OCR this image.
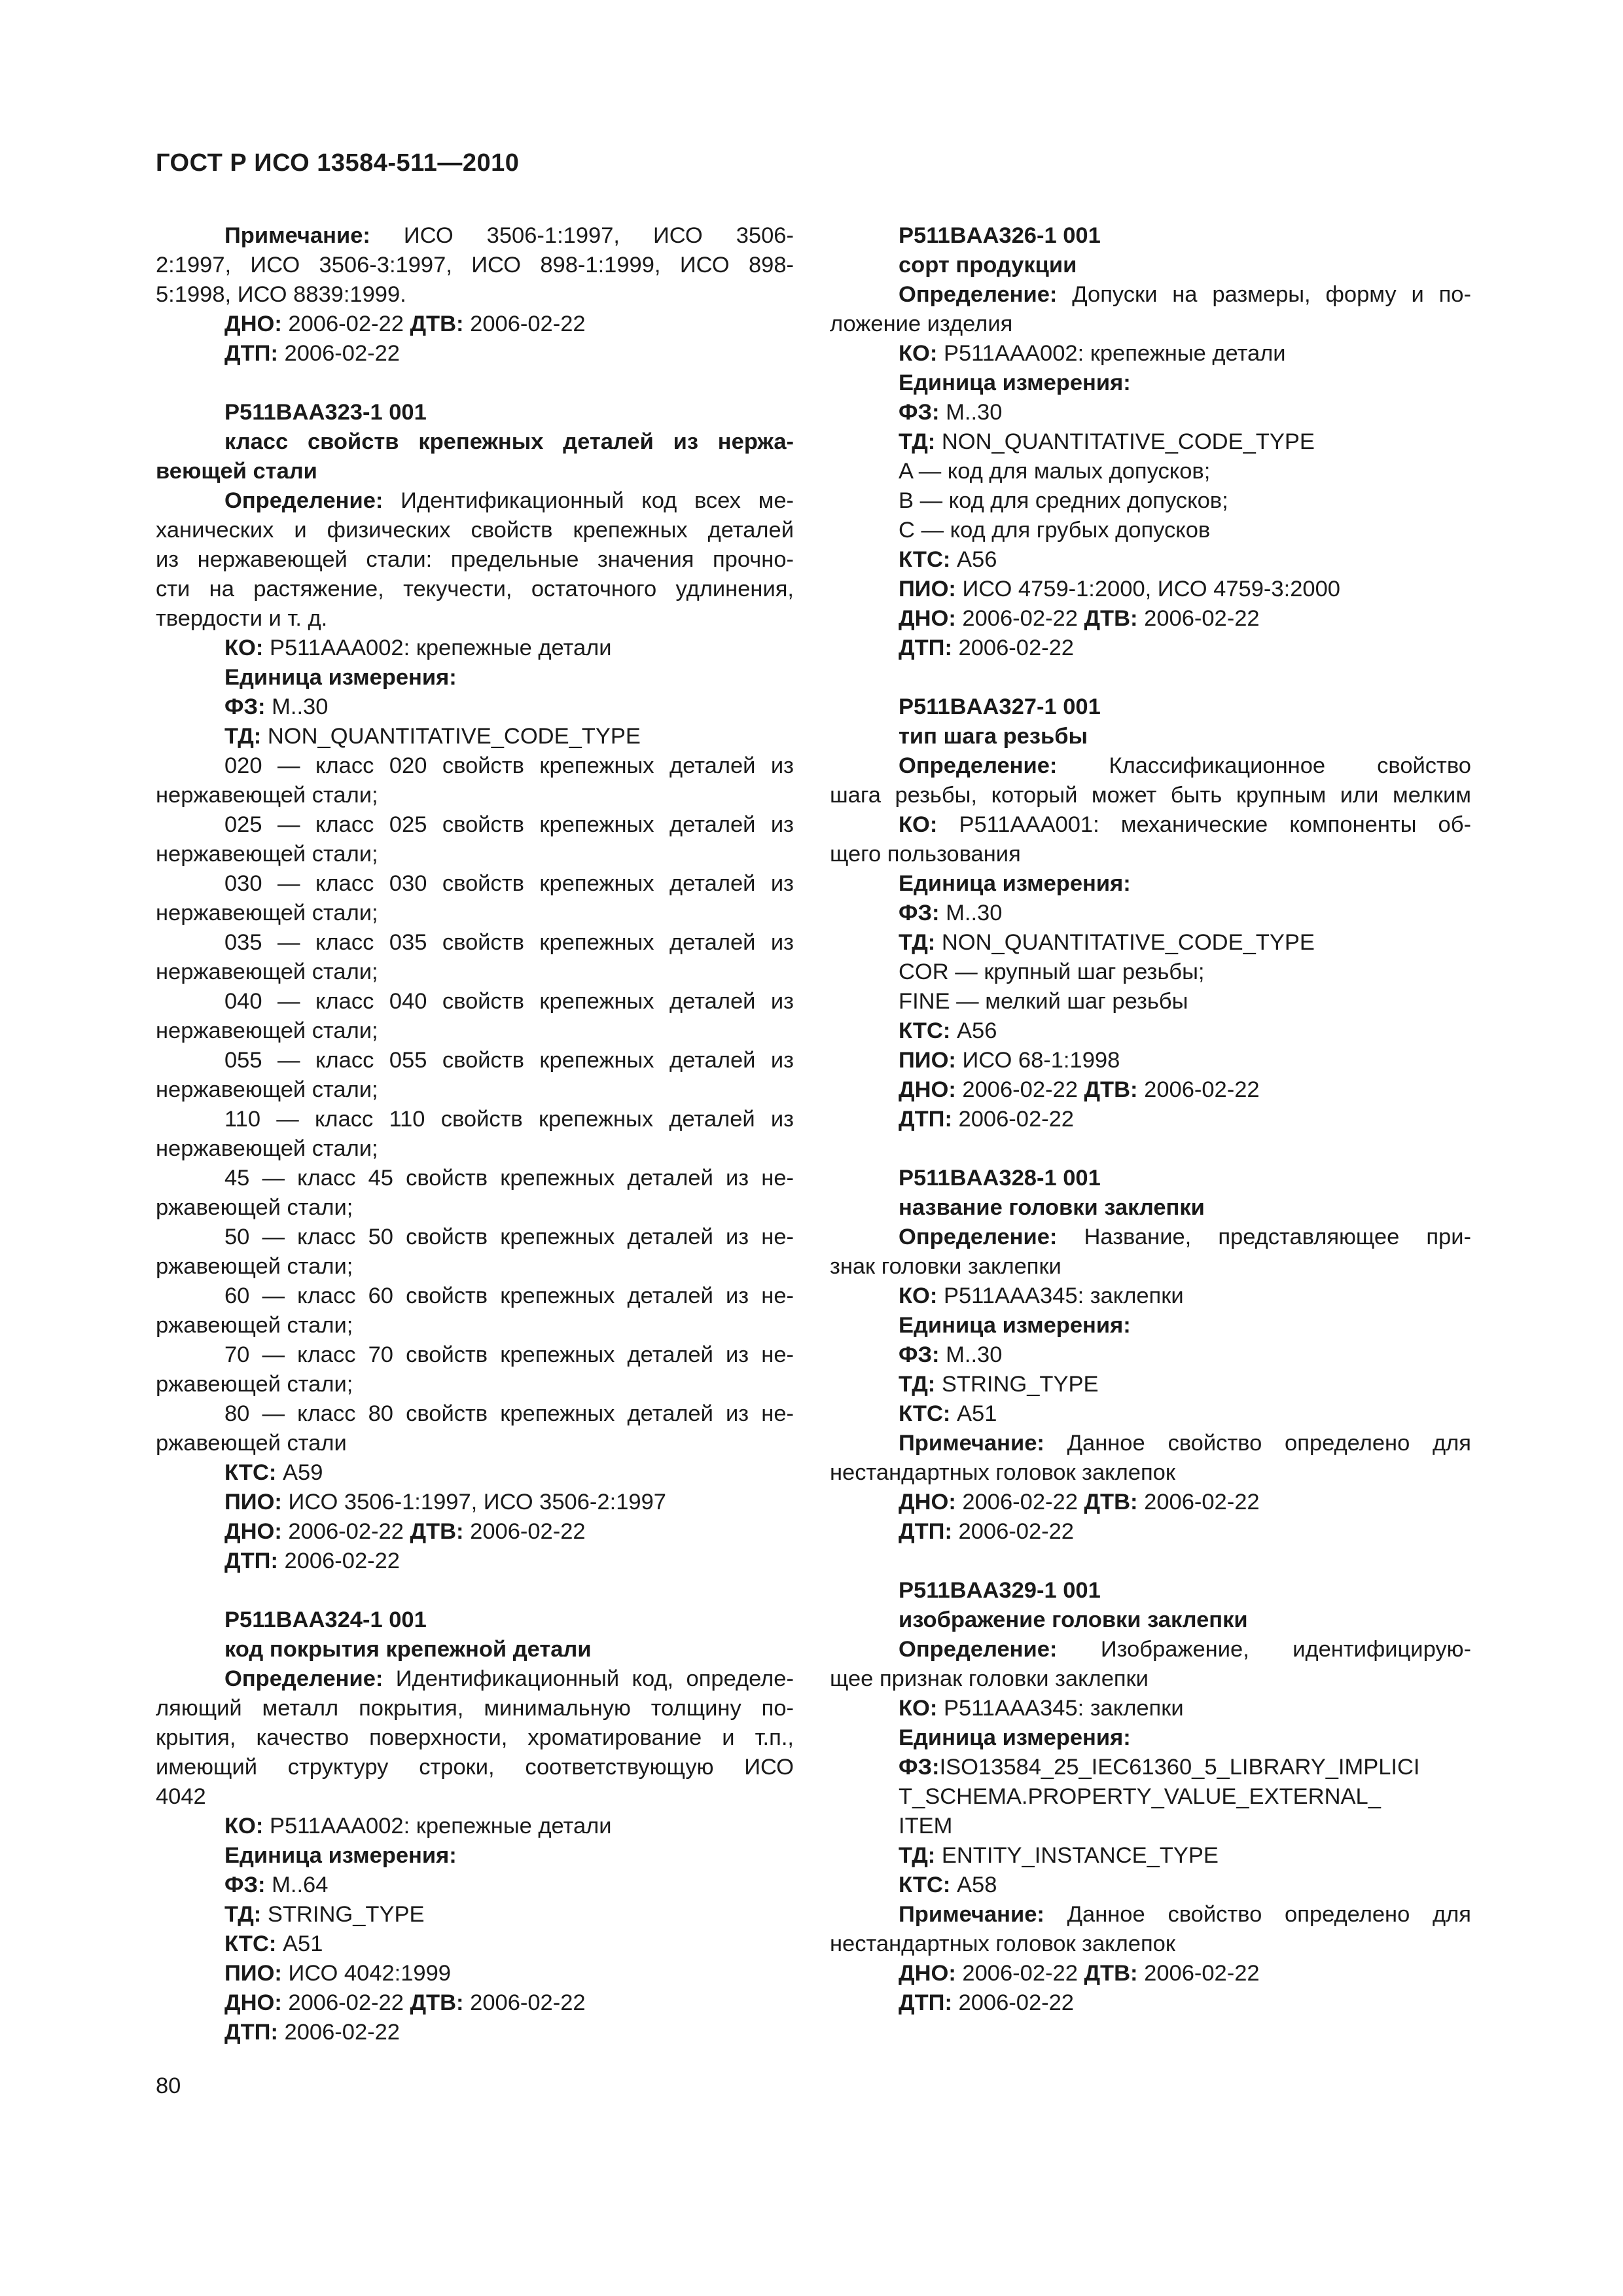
ГОСТ Р ИСО 13584-511—2010
Примечание: ИСО 3506-1:1997, ИСО 3506-
2:1997, ИСО 3506-3:1997, ИСО 898-1:1999, ИСО 898-
5:1998, ИСО 8839:1999.
ДНО: 2006-02-22 ДТВ: 2006-02-22
ДТП: 2006-02-22
P511BAA323-1 001
класс свойств крепежных деталей из нержа-
веющей стали
Определение: Идентификационный код всех ме-
ханических и физических свойств крепежных деталей
из нержавеющей стали: предельные значения прочно-
сти на растяжение, текучести, остаточного удлинения,
твердости и т. д.
КО: P511AAA002: крепежные детали
Единица измерения:
ФЗ: M..30
ТД: NON_QUANTITATIVE_CODE_TYPE
020 — класс 020 свойств крепежных деталей из
нержавеющей стали;
025 — класс 025 свойств крепежных деталей из
нержавеющей стали;
030 — класс 030 свойств крепежных деталей из
нержавеющей стали;
035 — класс 035 свойств крепежных деталей из
нержавеющей стали;
040 — класс 040 свойств крепежных деталей из
нержавеющей стали;
055 — класс 055 свойств крепежных деталей из
нержавеющей стали;
110 — класс 110 свойств крепежных деталей из
нержавеющей стали;
45 — класс 45 свойств крепежных деталей из не-
ржавеющей стали;
50 — класс 50 свойств крепежных деталей из не-
ржавеющей стали;
60 — класс 60 свойств крепежных деталей из не-
ржавеющей стали;
70 — класс 70 свойств крепежных деталей из не-
ржавеющей стали;
80 — класс 80 свойств крепежных деталей из не-
ржавеющей стали
КТС: A59
ПИО: ИСО 3506-1:1997, ИСО 3506-2:1997
ДНО: 2006-02-22 ДТВ: 2006-02-22
ДТП: 2006-02-22
P511BAA324-1 001
код покрытия крепежной детали
Определение: Идентификационный код, определе-
ляющий металл покрытия, минимальную толщину по-
крытия, качество поверхности, хроматирование и т.п.,
имеющий структуру строки, соответствующую ИСО
4042
КО: P511AAA002: крепежные детали
Единица измерения:
ФЗ: M..64
ТД: STRING_TYPE
КТС: A51
ПИО: ИСО 4042:1999
ДНО: 2006-02-22 ДТВ: 2006-02-22
ДТП: 2006-02-22
P511BAA326-1 001
сорт продукции
Определение: Допуски на размеры, форму и по-
ложение изделия
КО: P511AAA002: крепежные детали
Единица измерения:
ФЗ: M..30
ТД: NON_QUANTITATIVE_CODE_TYPE
A — код для малых допусков;
B — код для средних допусков;
C — код для грубых допусков
КТС: A56
ПИО: ИСО 4759-1:2000, ИСО 4759-3:2000
ДНО: 2006-02-22 ДТВ: 2006-02-22
ДТП: 2006-02-22
P511BAA327-1 001
тип шага резьбы
Определение: Классификационное свойство
шага резьбы, который может быть крупным или мелким
КО: P511AAA001: механические компоненты об-
щего пользования
Единица измерения:
ФЗ: M..30
ТД: NON_QUANTITATIVE_CODE_TYPE
COR — крупный шаг резьбы;
FINE — мелкий шаг резьбы
КТС: A56
ПИО: ИСО 68-1:1998
ДНО: 2006-02-22 ДТВ: 2006-02-22
ДТП: 2006-02-22
P511BAA328-1 001
название головки заклепки
Определение: Название, представляющее при-
знак головки заклепки
КО: P511AAA345: заклепки
Единица измерения:
ФЗ: M..30
ТД: STRING_TYPE
КТС: A51
Примечание: Данное свойство определено для
нестандартных головок заклепок
ДНО: 2006-02-22 ДТВ: 2006-02-22
ДТП: 2006-02-22
P511BAA329-1 001
изображение головки заклепки
Определение: Изображение, идентифицирую-
щее признак головки заклепки
КО: P511AAA345: заклепки
Единица измерения:
ФЗ:ISO13584_25_IEC61360_5_LIBRARY_IMPLICI
T_SCHEMA.PROPERTY_VALUE_EXTERNAL_
ITEM
ТД: ENTITY_INSTANCE_TYPE
КТС: A58
Примечание: Данное свойство определено для
нестандартных головок заклепок
ДНО: 2006-02-22 ДТВ: 2006-02-22
ДТП: 2006-02-22
80
